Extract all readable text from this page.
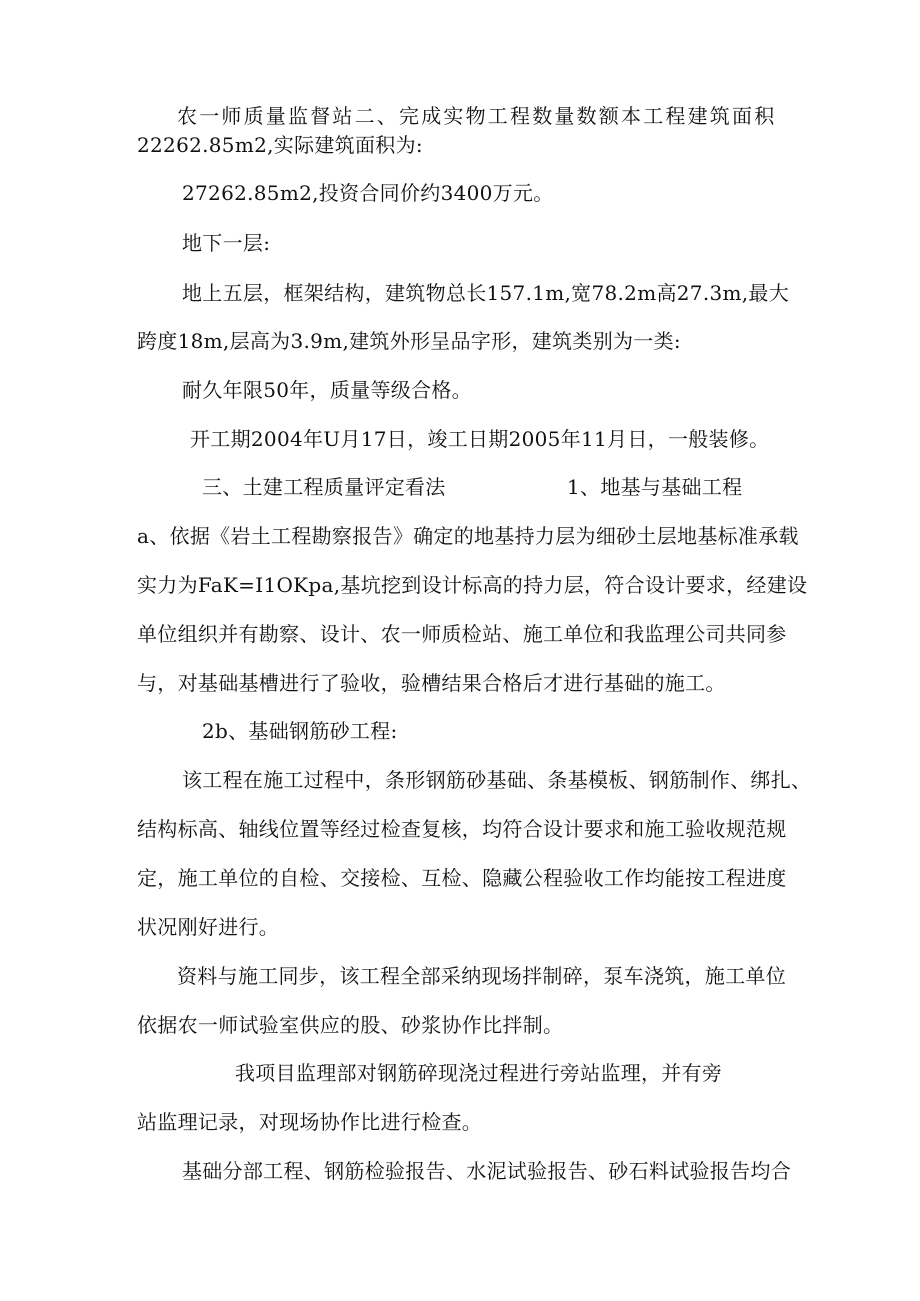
农一师质量监督站二、完成实物工程数量数额本工程建筑面积
22262.85m2,实际建筑面积为:
27262.85m2,投资合同价约3400万元。
地下一层:
地上五层，框架结构，建筑物总长157.1m,宽78.2m高27.3m,最大
跨度18m,层高为3.9m,建筑外形呈品字形，建筑类别为一类:
耐久年限50年，质量等级合格。
开工期2004年U月17日，竣工日期2005年11月日，一般装修。
三、土建工程质量评定看法	1、地基与基础工程
a、依据《岩土工程勘察报告》确定的地基持力层为细砂土层地基标准承载
实力为FaK=I1OKpa,基坑挖到设计标高的持力层，符合设计要求，经建设
单位组织并有勘察、设计、农一师质检站、施工单位和我监理公司共同参
与，对基础基槽进行了验收，验槽结果合格后才进行基础的施工。
2b、基础钢筋砂工程:
该工程在施工过程中，条形钢筋砂基础、条基模板、钢筋制作、绑扎、
结构标高、轴线位置等经过检查复核，均符合设计要求和施工验收规范规
定，施工单位的自检、交接检、互检、隐藏公程验收工作均能按工程进度
状况刚好进行。
资料与施工同步，该工程全部采纳现场拌制碎，泵车浇筑，施工单位
依据农一师试验室供应的股、砂浆协作比拌制。
我项目监理部对钢筋碎现浇过程进行旁站监理，并有旁
站监理记录，对现场协作比进行检查。
基础分部工程、钢筋检验报告、水泥试验报告、砂石料试验报告均合
